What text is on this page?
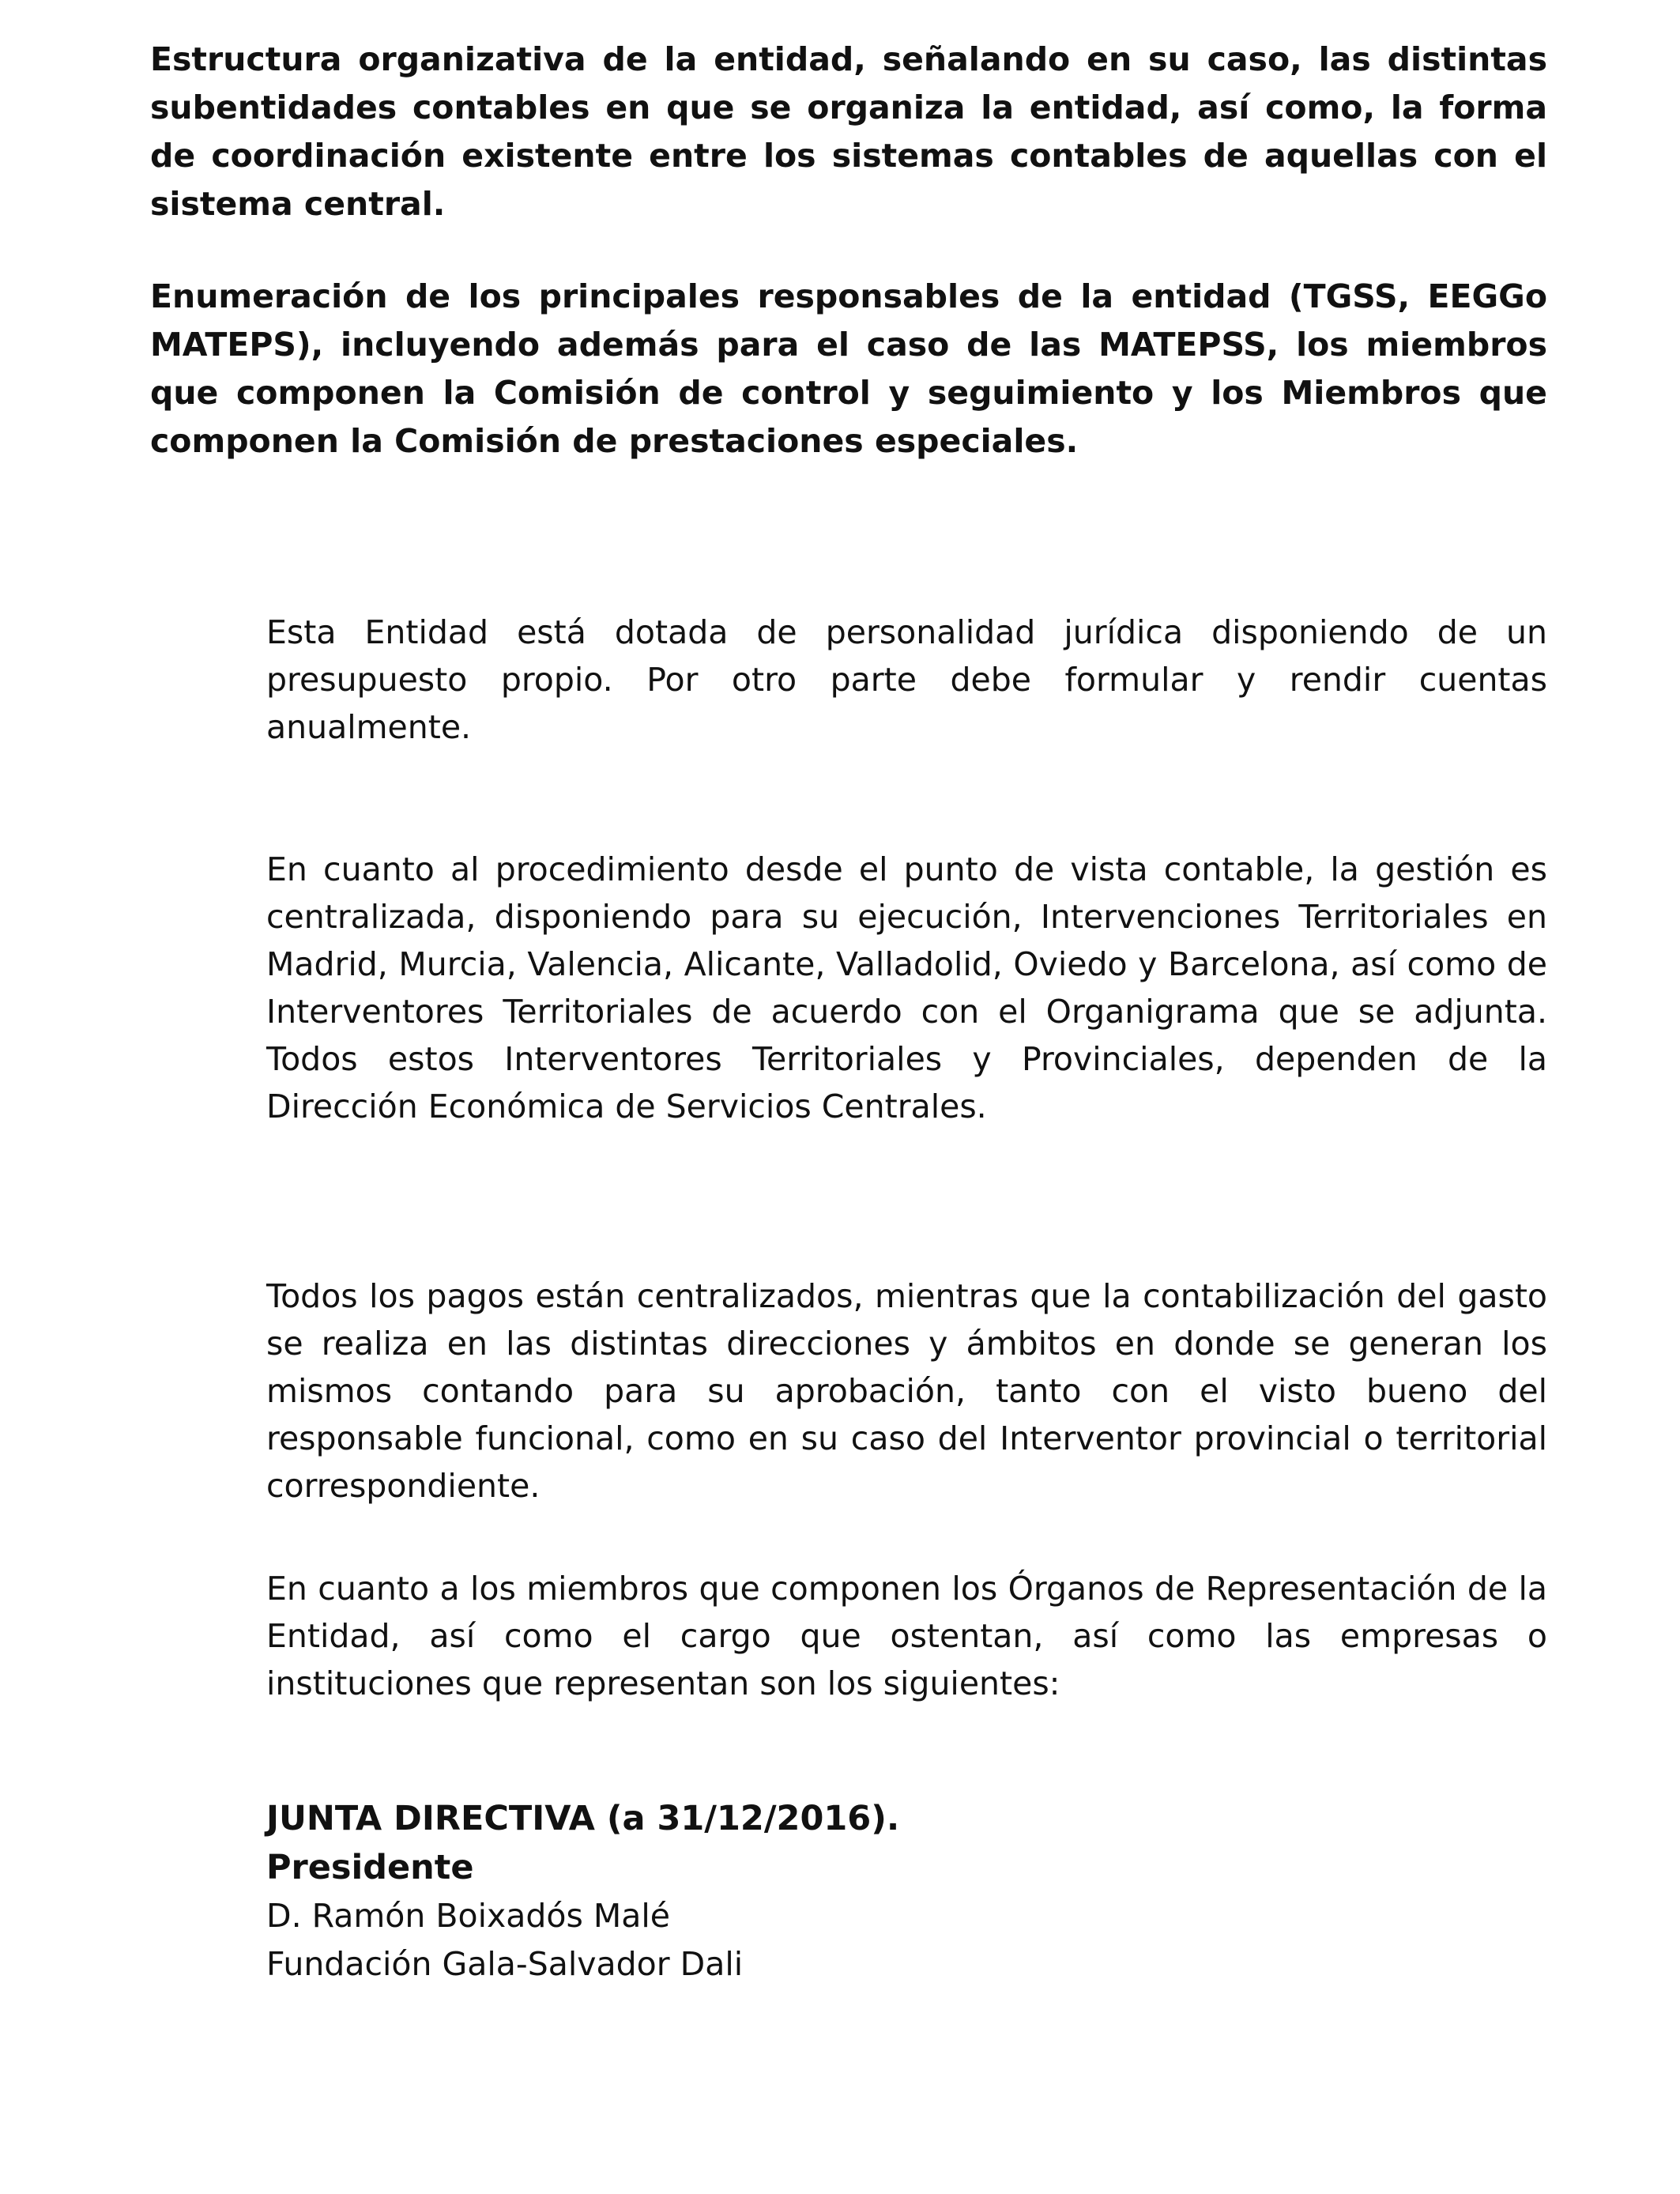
Estructura organizativa de la entidad, señalando en su caso, las distintas subentidades contables en que se organiza la entidad, así como, la forma de coordinación existente entre los sistemas contables de aquellas con el sistema central.

Enumeración de los principales responsables de la entidad (TGSS, EEGGo MATEPS), incluyendo además para el caso de las MATEPSS, los miembros que componen la Comisión de control y seguimiento y los Miembros que componen la Comisión de prestaciones especiales.

Esta Entidad está dotada de personalidad jurídica disponiendo de un presupuesto propio. Por otro parte debe formular y rendir cuentas anualmente.

En cuanto al procedimiento desde el punto de vista contable, la gestión es centralizada, disponiendo para su ejecución, Intervenciones Territoriales en Madrid, Murcia, Valencia, Alicante, Valladolid, Oviedo y Barcelona, así como de Interventores Territoriales de acuerdo con el Organigrama que se adjunta. Todos estos Interventores Territoriales y Provinciales, dependen de la Dirección Económica de Servicios Centrales.

Todos los pagos están centralizados, mientras que la contabilización del gasto se realiza en las distintas direcciones y ámbitos en donde se generan los mismos contando para su aprobación, tanto con el visto bueno del responsable funcional, como en su caso del Interventor provincial o territorial correspondiente.

En cuanto a los miembros que componen los Órganos de Representación de la Entidad, así como el cargo que ostentan, así como las empresas o instituciones que representan son los siguientes:

JUNTA DIRECTIVA (a 31/12/2016).

Presidente

D. Ramón Boixadós Malé

Fundación Gala-Salvador Dali
